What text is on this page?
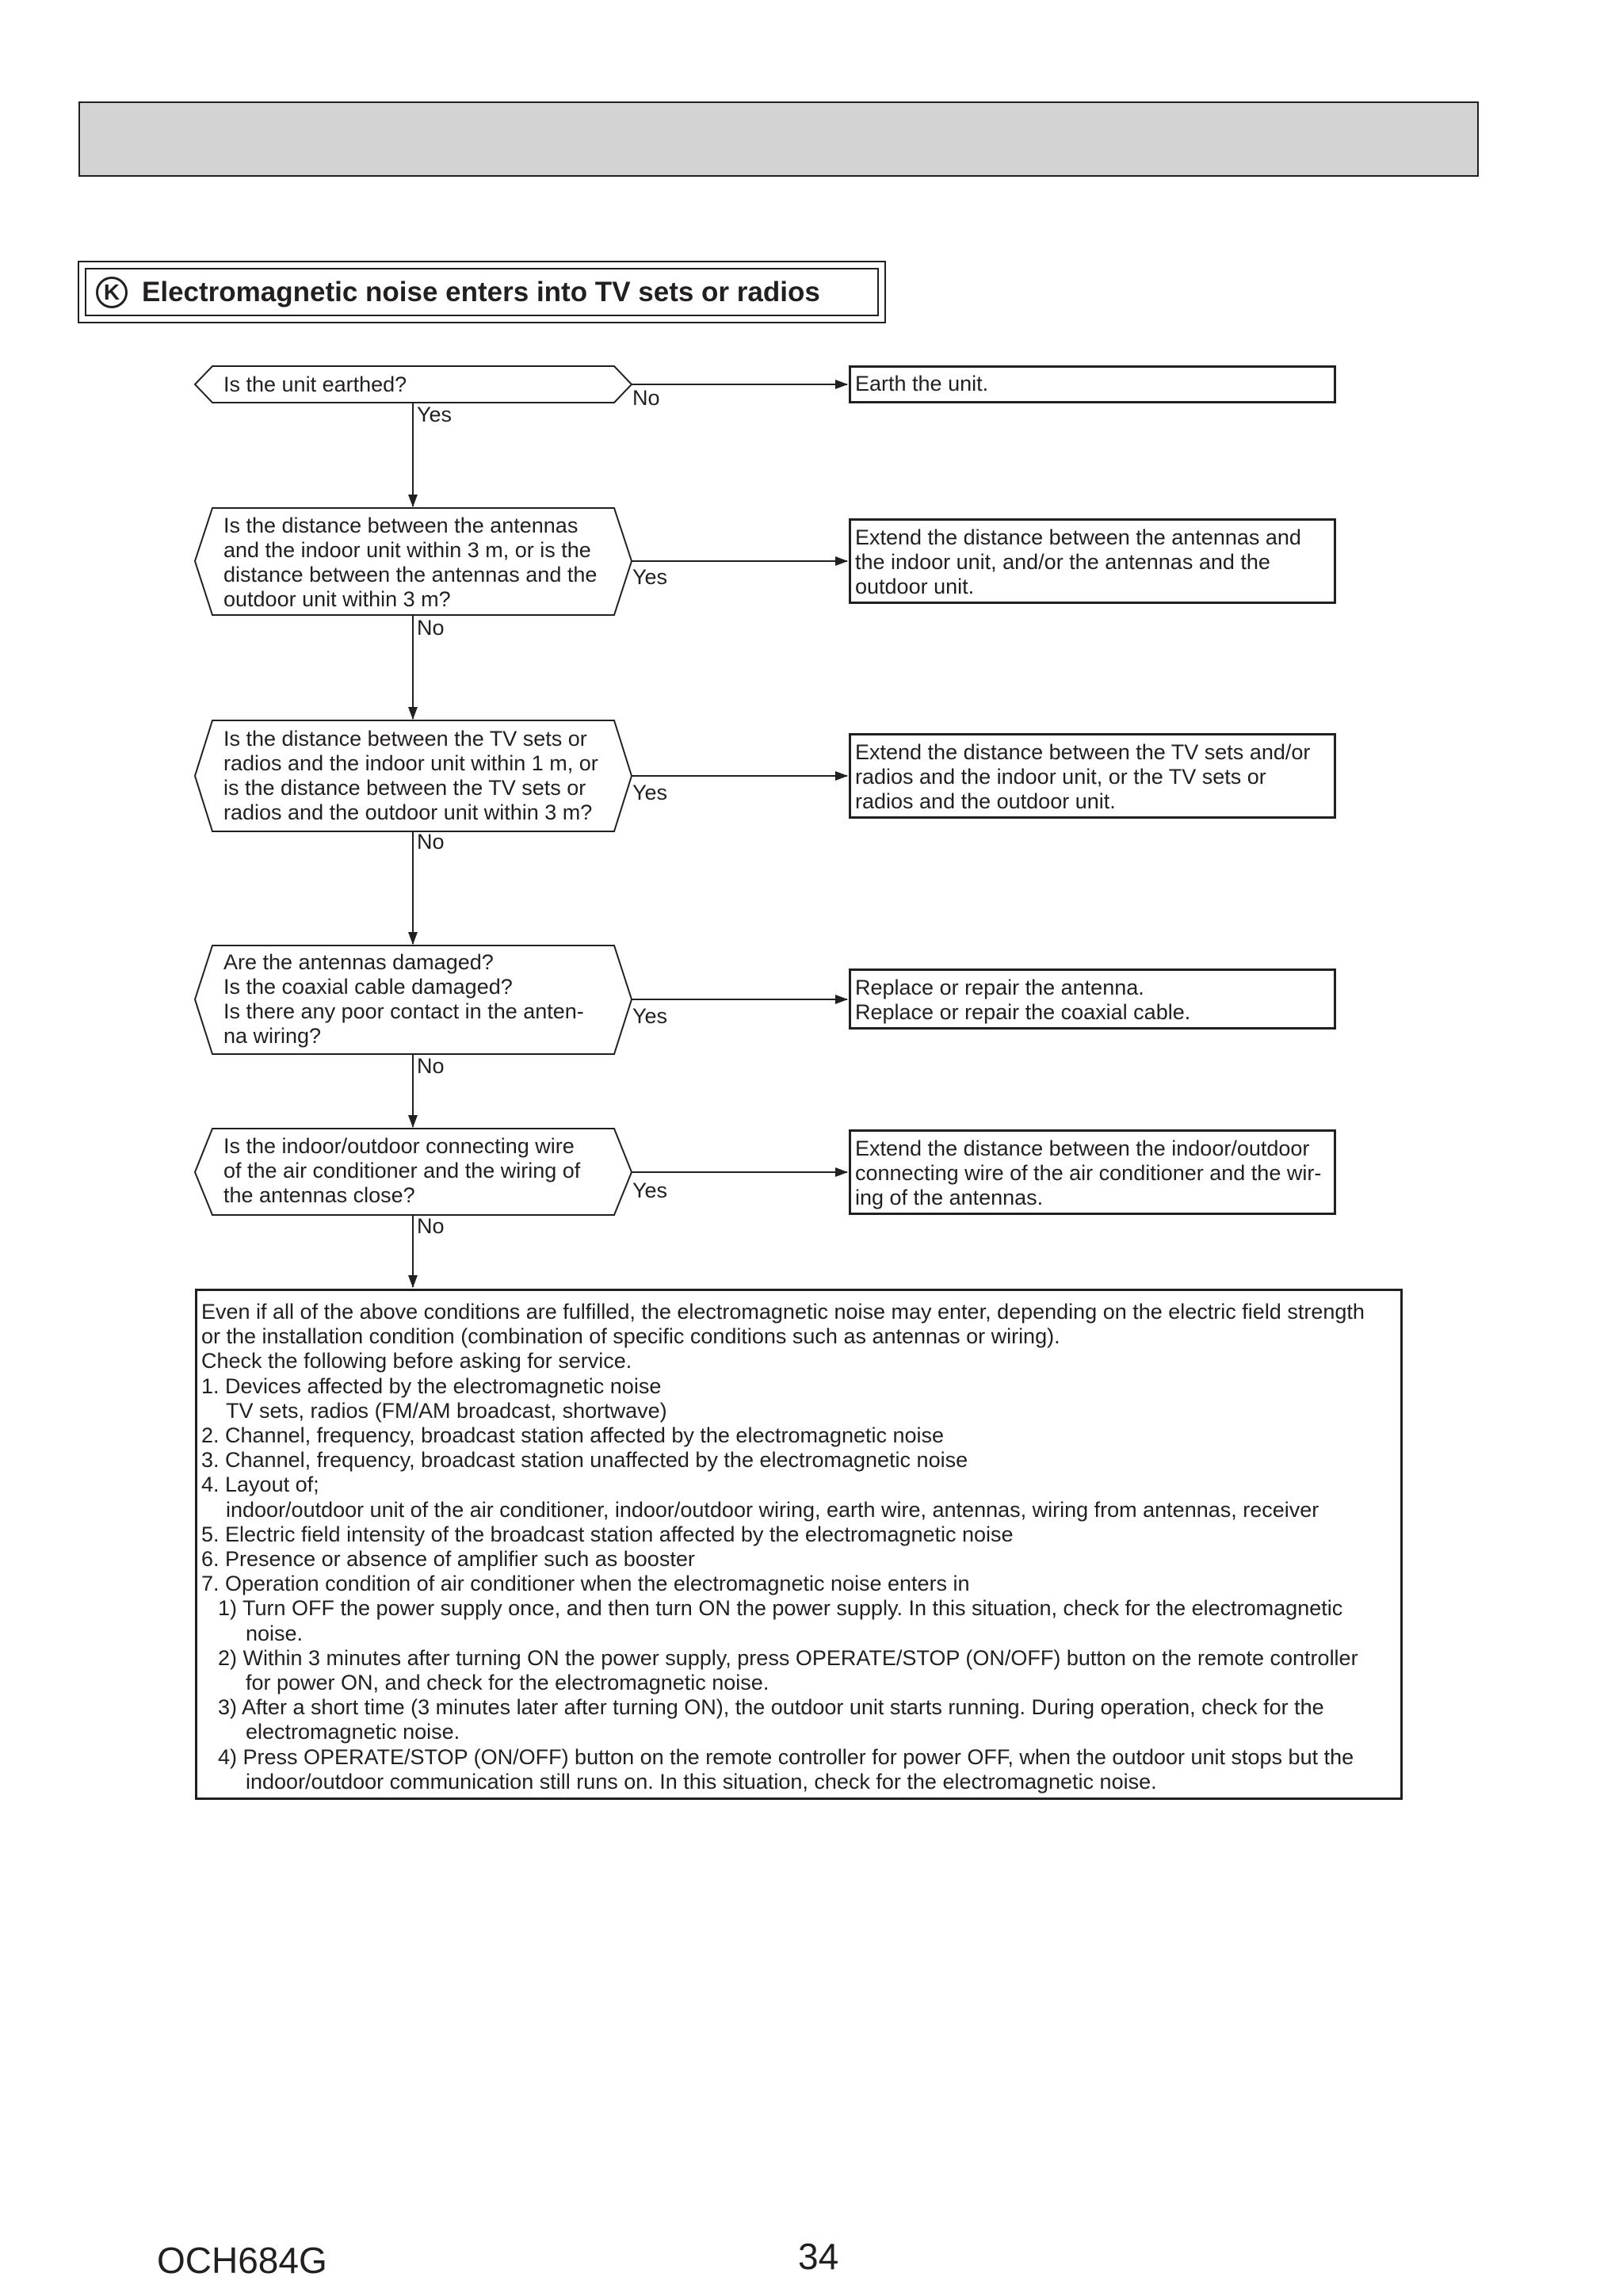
K Electromagnetic noise enters into TV sets or radios
Is the unit earthed?
Is the distance between the antennas
and the indoor unit within 3 m, or is the
distance between the antennas and the
outdoor unit within 3 m?
Is the distance between the TV sets or
radios and the indoor unit within 1 m, or
is the distance between the TV sets or
radios and the outdoor unit within 3 m?
Are the antennas damaged?
Is the coaxial cable damaged?
Is there any poor contact in the anten-
na wiring?
Is the indoor/outdoor connecting wire
of the air conditioner and the wiring of
the antennas close?
Yes
No
No
No
No
No
Yes
Yes
Yes
Yes
Earth the unit.
Extend the distance between the antennas and
the indoor unit, and/or the antennas and the
outdoor unit.
Extend the distance between the TV sets and/or
radios and the indoor unit, or the TV sets or
radios and the outdoor unit.
Replace or repair the antenna.
Replace or repair the coaxial cable.
Extend the distance between the indoor/outdoor
connecting wire of the air conditioner and the wir-
ing of the antennas.
Even if all of the above conditions are fulfilled, the electromagnetic noise may enter, depending on the electric field strength
or the installation condition (combination of specific conditions such as antennas or wiring).
Check the following before asking for service.
1. Devices affected by the electromagnetic noise
TV sets, radios (FM/AM broadcast, shortwave)
2. Channel, frequency, broadcast station affected by the electromagnetic noise
3. Channel, frequency, broadcast station unaffected by the electromagnetic noise
4. Layout of;
indoor/outdoor unit of the air conditioner, indoor/outdoor wiring, earth wire, antennas, wiring from antennas, receiver
5. Electric field intensity of the broadcast station affected by the electromagnetic noise
6. Presence or absence of amplifier such as booster
7. Operation condition of air conditioner when the electromagnetic noise enters in
1) Turn OFF the power supply once, and then turn ON the power supply. In this situation, check for the electromagnetic
noise.
2) Within 3 minutes after turning ON the power supply, press OPERATE/STOP (ON/OFF) button on the remote controller
for power ON, and check for the electromagnetic noise.
3) After a short time (3 minutes later after turning ON), the outdoor unit starts running. During operation, check for the
electromagnetic noise.
4) Press OPERATE/STOP (ON/OFF) button on the remote controller for power OFF, when the outdoor unit stops but the
indoor/outdoor communication still runs on. In this situation, check for the electromagnetic noise.
OCH684G	34
